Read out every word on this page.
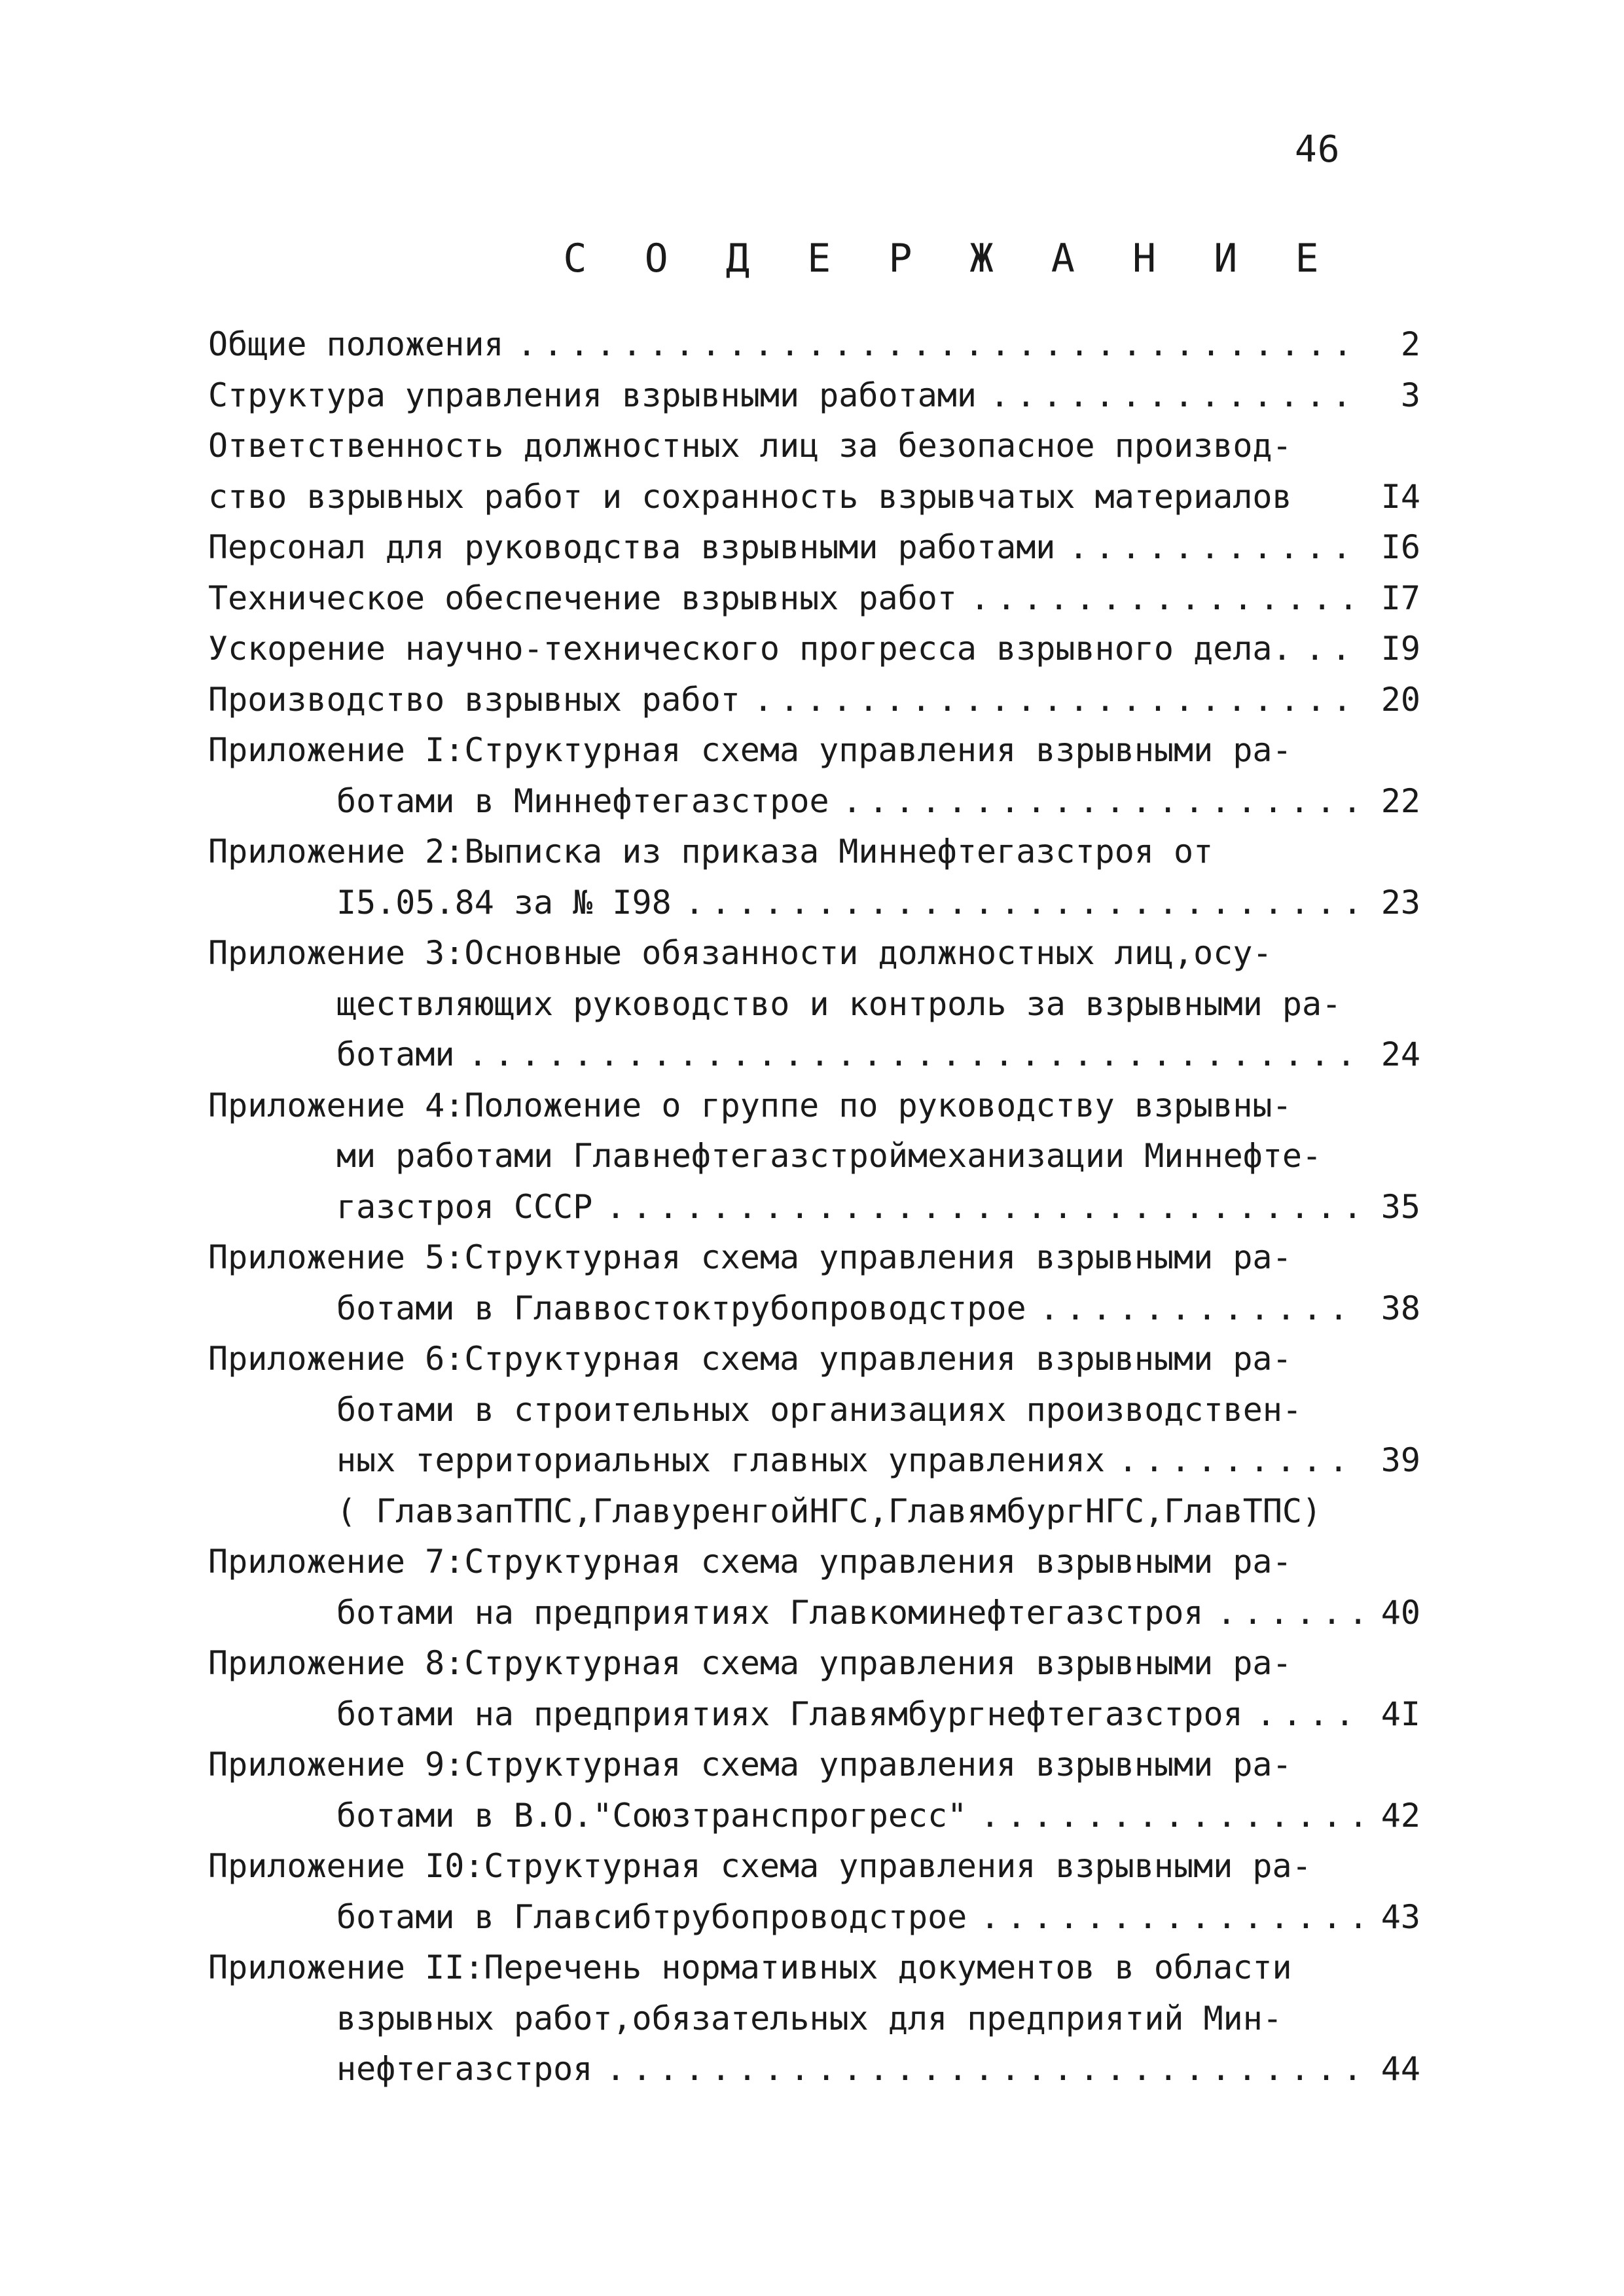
46
С О Д Е Р Ж А Н И Е
Общие положения . . .	2
Структура управления взрывными работами . . .	3
Ответственность должностных лиц за безопасное производ-
ство взрывных работ и сохранность взрывчатых материалов	I4
Персонал для руководства взрывными работами . . .	I6
Техническое обеспечение взрывных работ . . .	I7
Ускорение научно-технического прогресса взрывного дела. . . .	I9
Производство взрывных работ . . .	20
Приложение I:Структурная схема управления взрывными ра-
ботами в Миннефтегазстрое . . .	22
Приложение 2:Выписка из приказа Миннефтегазстроя от
I5.05.84 за № I98 . . .	23
Приложение 3:Основные обязанности должностных лиц,осу-
ществляющих руководство и контроль за взрывными ра-
ботами . . .	24
Приложение 4:Положение о группе по руководству взрывны-
ми работами Главнефтегазстроймеханизации Миннефте-
газстроя СССР . . .	35
Приложение 5:Структурная схема управления взрывными ра-
ботами в Главвостоктрубопроводстрое . . .	38
Приложение 6:Структурная схема управления взрывными ра-
ботами в строительных организациях производствен-
ных территориальных главных управлениях . . .	39
( ГлавзапТПС,ГлавуренгойНГС,ГлавямбургНГС,ГлавТПС)
Приложение 7:Структурная схема управления взрывными ра-
ботами на предприятиях Главкоминефтегазстроя . . .	40
Приложение 8:Структурная схема управления взрывными ра-
ботами на предприятиях Главямбургнефтегазстроя . . .	4I
Приложение 9:Структурная схема управления взрывными ра-
ботами в В.О."Союзтранспрогресс" . . .	42
Приложение I0:Структурная схема управления взрывными ра-
ботами в Главсибтрубопроводстрое . . .	43
Приложение II:Перечень нормативных документов в области
взрывных работ,обязательных для предприятий Мин-
нефтегазстроя . . .	44
